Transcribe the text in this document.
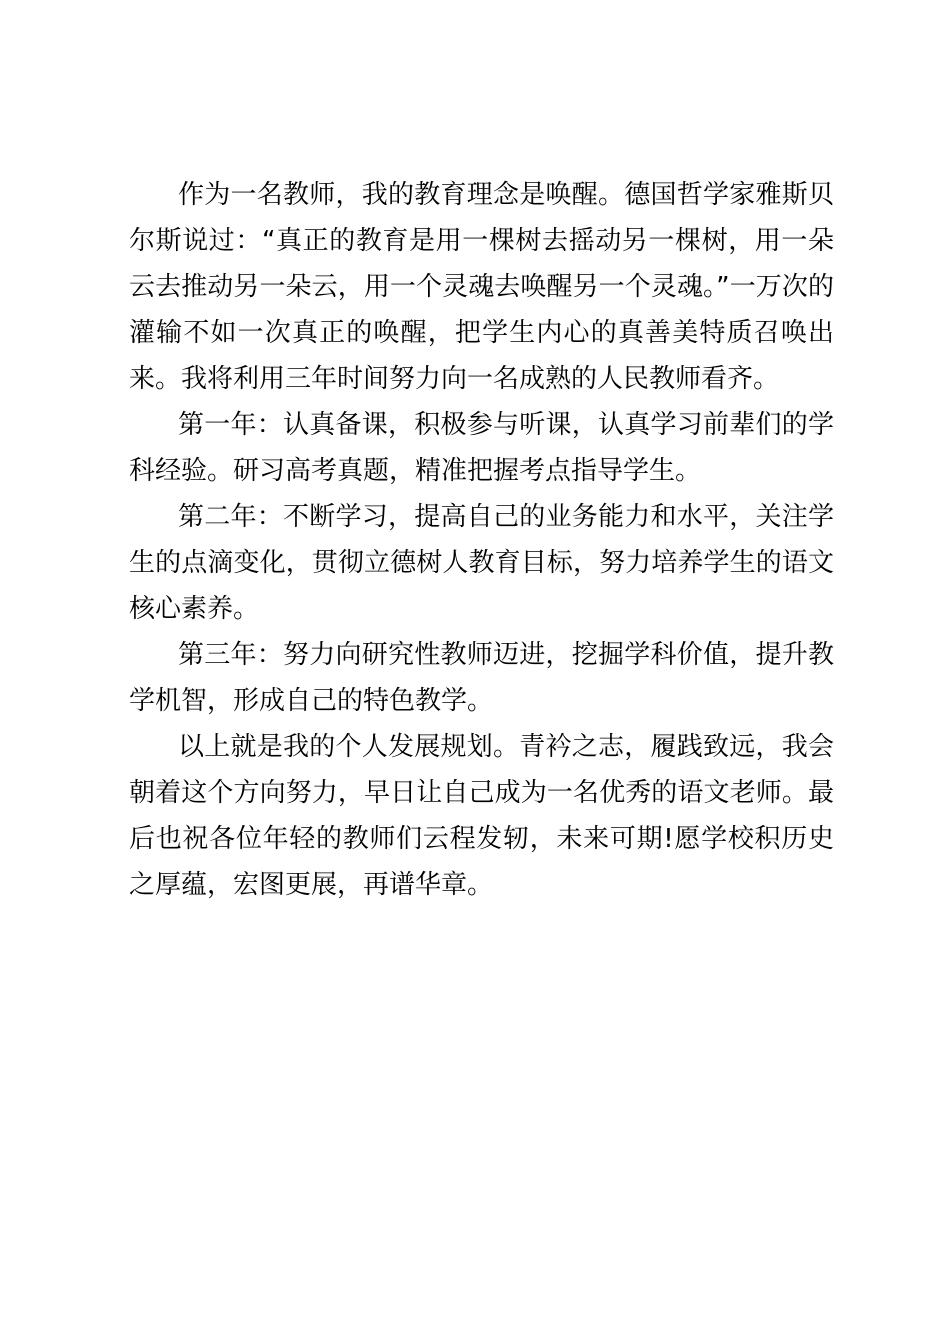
作为一名教师，我的教育理念是唤醒。德国哲学家雅斯贝尔斯说过：“真正的教育是用一棵树去摇动另一棵树，用一朵云去推动另一朵云，用一个灵魂去唤醒另一个灵魂。”一万次的灌输不如一次真正的唤醒，把学生内心的真善美特质召唤出来。我将利用三年时间努力向一名成熟的人民教师看齐。

第一年：认真备课，积极参与听课，认真学习前辈们的学科经验。研习高考真题，精准把握考点指导学生。

第二年：不断学习，提高自己的业务能力和水平，关注学生的点滴变化，贯彻立德树人教育目标，努力培养学生的语文核心素养。

第三年：努力向研究性教师迈进，挖掘学科价值，提升教学机智，形成自己的特色教学。

以上就是我的个人发展规划。青衿之志，履践致远，我会朝着这个方向努力，早日让自己成为一名优秀的语文老师。最后也祝各位年轻的教师们云程发轫，未来可期!愿学校积历史之厚蕴，宏图更展，再谱华章。
